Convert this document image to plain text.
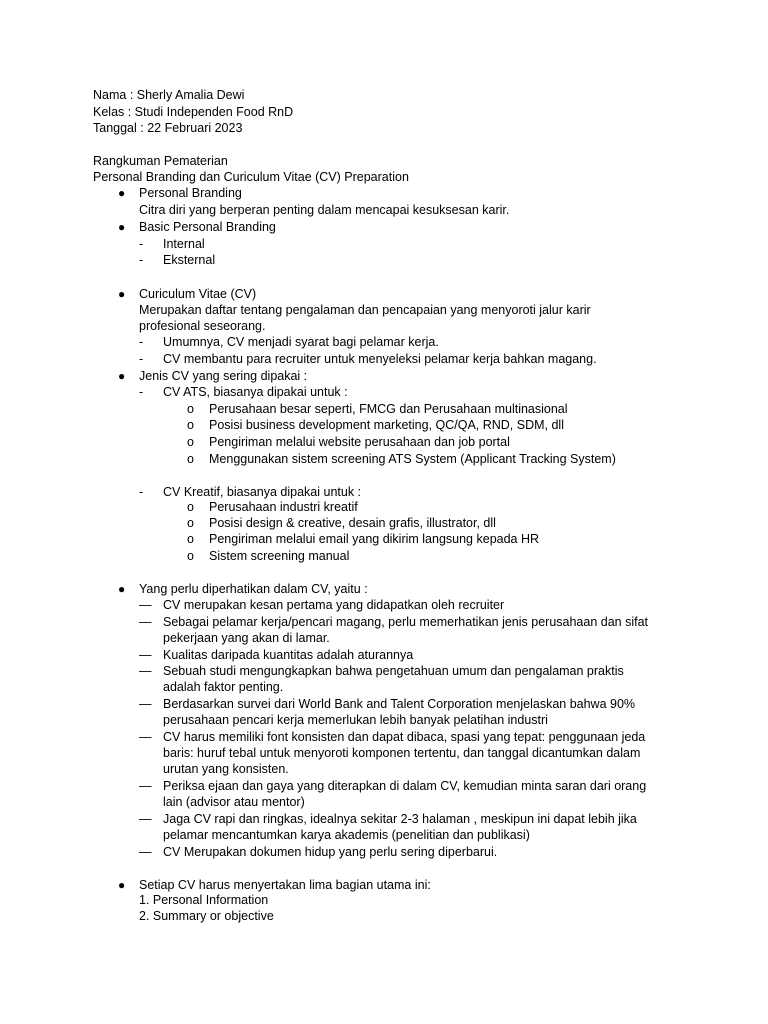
Nama : Sherly Amalia Dewi
Kelas : Studi Independen Food RnD
Tanggal : 22 Februari 2023
Rangkuman Pematerian
Personal Branding dan Curiculum Vitae (CV) Preparation
● Personal Branding
Citra diri yang berperan penting dalam mencapai kesuksesan karir.
● Basic Personal Branding
- Internal
- Eksternal
● Curiculum Vitae (CV)
Merupakan daftar tentang pengalaman dan pencapaian yang menyoroti jalur karir
profesional seseorang.
- Umumnya, CV menjadi syarat bagi pelamar kerja.
- CV membantu para recruiter untuk menyeleksi pelamar kerja bahkan magang.
● Jenis CV yang sering dipakai :
- CV ATS, biasanya dipakai untuk :
o Perusahaan besar seperti, FMCG dan Perusahaan multinasional
o Posisi business development marketing, QC/QA, RND, SDM, dll
o Pengiriman melalui website perusahaan dan job portal
o Menggunakan sistem screening ATS System (Applicant Tracking System)
- CV Kreatif, biasanya dipakai untuk :
o Perusahaan industri kreatif
o Posisi design & creative, desain grafis, illustrator, dll
o Pengiriman melalui email yang dikirim langsung kepada HR
o Sistem screening manual
● Yang perlu diperhatikan dalam CV, yaitu :
— CV merupakan kesan pertama yang didapatkan oleh recruiter
— Sebagai pelamar kerja/pencari magang, perlu memerhatikan jenis perusahaan dan sifat
pekerjaan yang akan di lamar.
— Kualitas daripada kuantitas adalah aturannya
— Sebuah studi mengungkapkan bahwa pengetahuan umum dan pengalaman praktis
adalah faktor penting.
— Berdasarkan survei dari World Bank and Talent Corporation menjelaskan bahwa 90%
perusahaan pencari kerja memerlukan lebih banyak pelatihan industri
— CV harus memiliki font konsisten dan dapat dibaca, spasi yang tepat: penggunaan jeda
baris: huruf tebal untuk menyoroti komponen tertentu, dan tanggal dicantumkan dalam
urutan yang konsisten.
— Periksa ejaan dan gaya yang diterapkan di dalam CV, kemudian minta saran dari orang
lain (advisor atau mentor)
— Jaga CV rapi dan ringkas, idealnya sekitar 2-3 halaman , meskipun ini dapat lebih jika
pelamar mencantumkan karya akademis (penelitian dan publikasi)
— CV Merupakan dokumen hidup yang perlu sering diperbarui.
● Setiap CV harus menyertakan lima bagian utama ini:
1. Personal Information
2. Summary or objective
